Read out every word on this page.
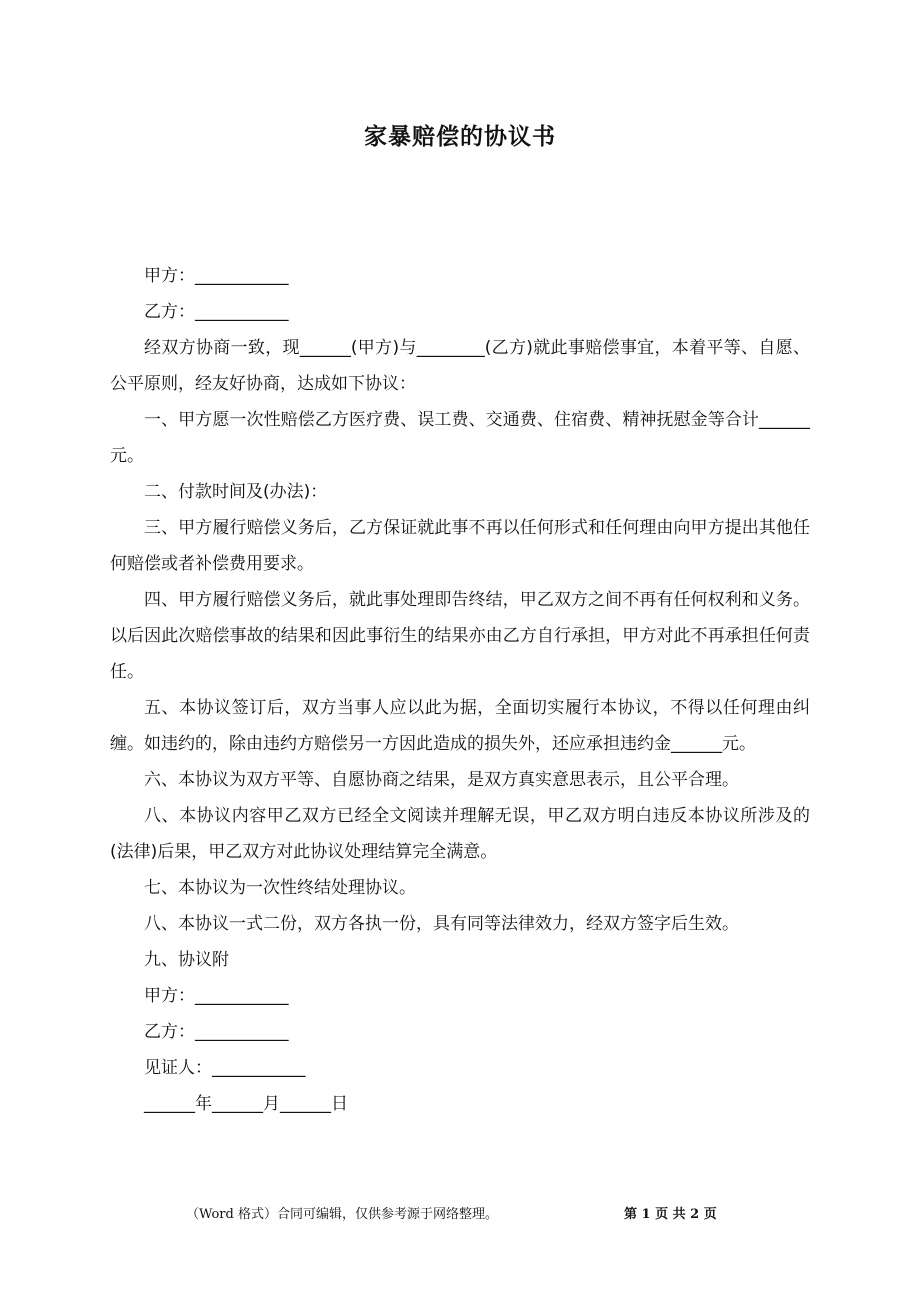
家暴赔偿的协议书

甲方：___________

乙方：___________

经双方协商一致，现______(甲方)与________(乙方)就此事赔偿事宜，本着平等、自愿、公平原则，经友好协商，达成如下协议：

一、甲方愿一次性赔偿乙方医疗费、误工费、交通费、住宿费、精神抚慰金等合计______元。

二、付款时间及(办法)：

三、甲方履行赔偿义务后，乙方保证就此事不再以任何形式和任何理由向甲方提出其他任何赔偿或者补偿费用要求。

四、甲方履行赔偿义务后，就此事处理即告终结，甲乙双方之间不再有任何权利和义务。以后因此次赔偿事故的结果和因此事衍生的结果亦由乙方自行承担，甲方对此不再承担任何责任。

五、本协议签订后，双方当事人应以此为据，全面切实履行本协议，不得以任何理由纠缠。如违约的，除由违约方赔偿另一方因此造成的损失外，还应承担违约金______元。

六、本协议为双方平等、自愿协商之结果，是双方真实意思表示，且公平合理。

八、本协议内容甲乙双方已经全文阅读并理解无误，甲乙双方明白违反本协议所涉及的(法律)后果，甲乙双方对此协议处理结算完全满意。

七、本协议为一次性终结处理协议。

八、本协议一式二份，双方各执一份，具有同等法律效力，经双方签字后生效。

九、协议附

甲方：___________

乙方：___________

见证人：___________

______年______月______日

（Word 格式）合同可编辑，仅供参考源于网络整理。	第 1 页 共 2 页
